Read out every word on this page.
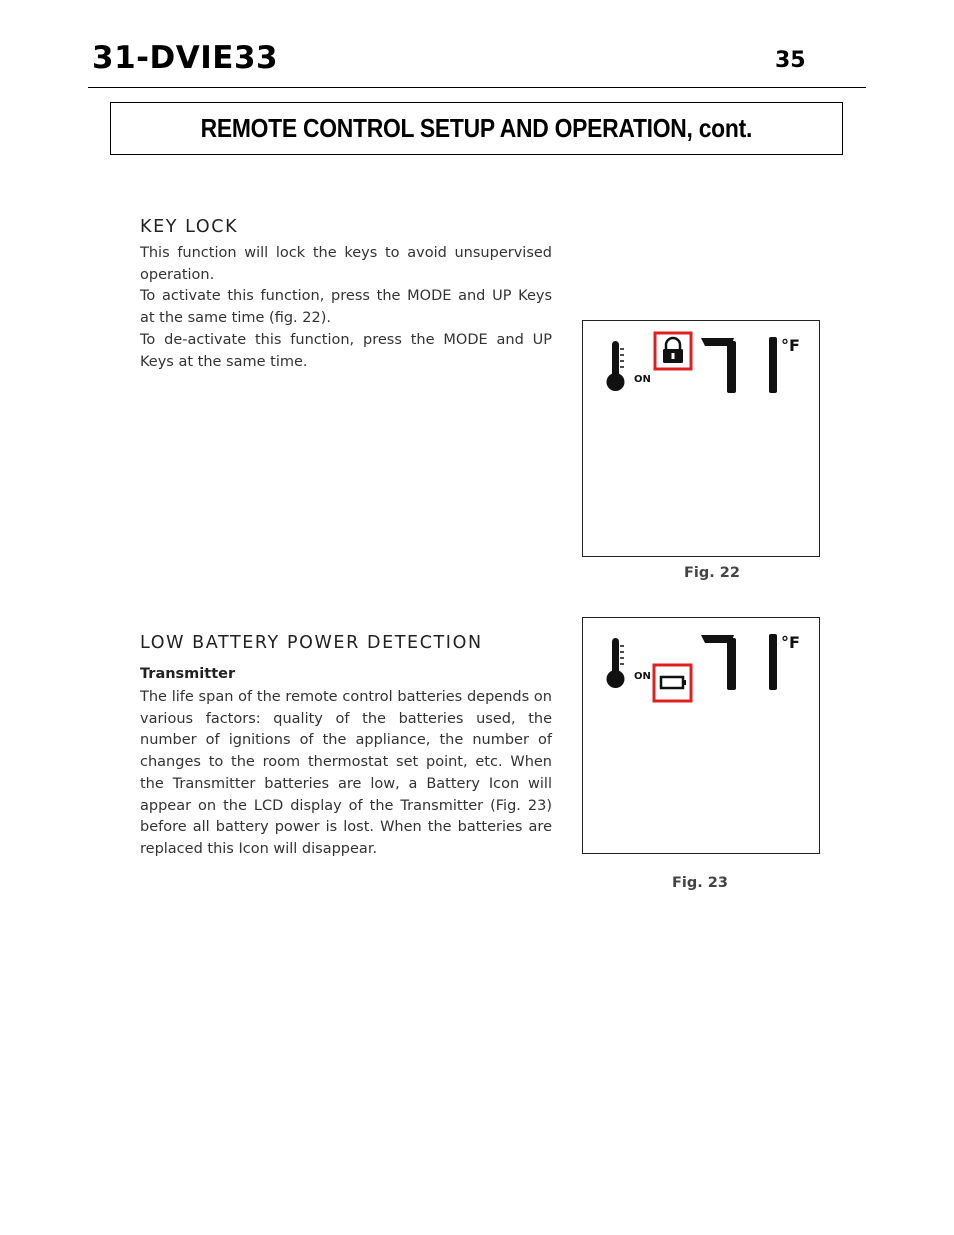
31-DVIE33	35
REMOTE CONTROL SETUP AND OPERATION, cont.
KEY LOCK

This function will lock the keys to avoid unsupervised operation.

To activate this function, press the MODE and UP Keys at the same time (fig. 22).

To de-activate this function, press the MODE and UP Keys at the same time.

ON
°F
Fig. 22
LOW BATTERY POWER DETECTION
Transmitter

The life span of the remote control batteries depends on various factors: quality of the batteries used, the number of ignitions of the appliance, the number of changes to the room thermostat set point, etc. When the Transmitter batteries are low, a Battery Icon will appear on the LCD display of the Transmitter (Fig. 23) before all battery power is lost. When the batteries are replaced this Icon will disappear.

ON
°F
Fig. 23
